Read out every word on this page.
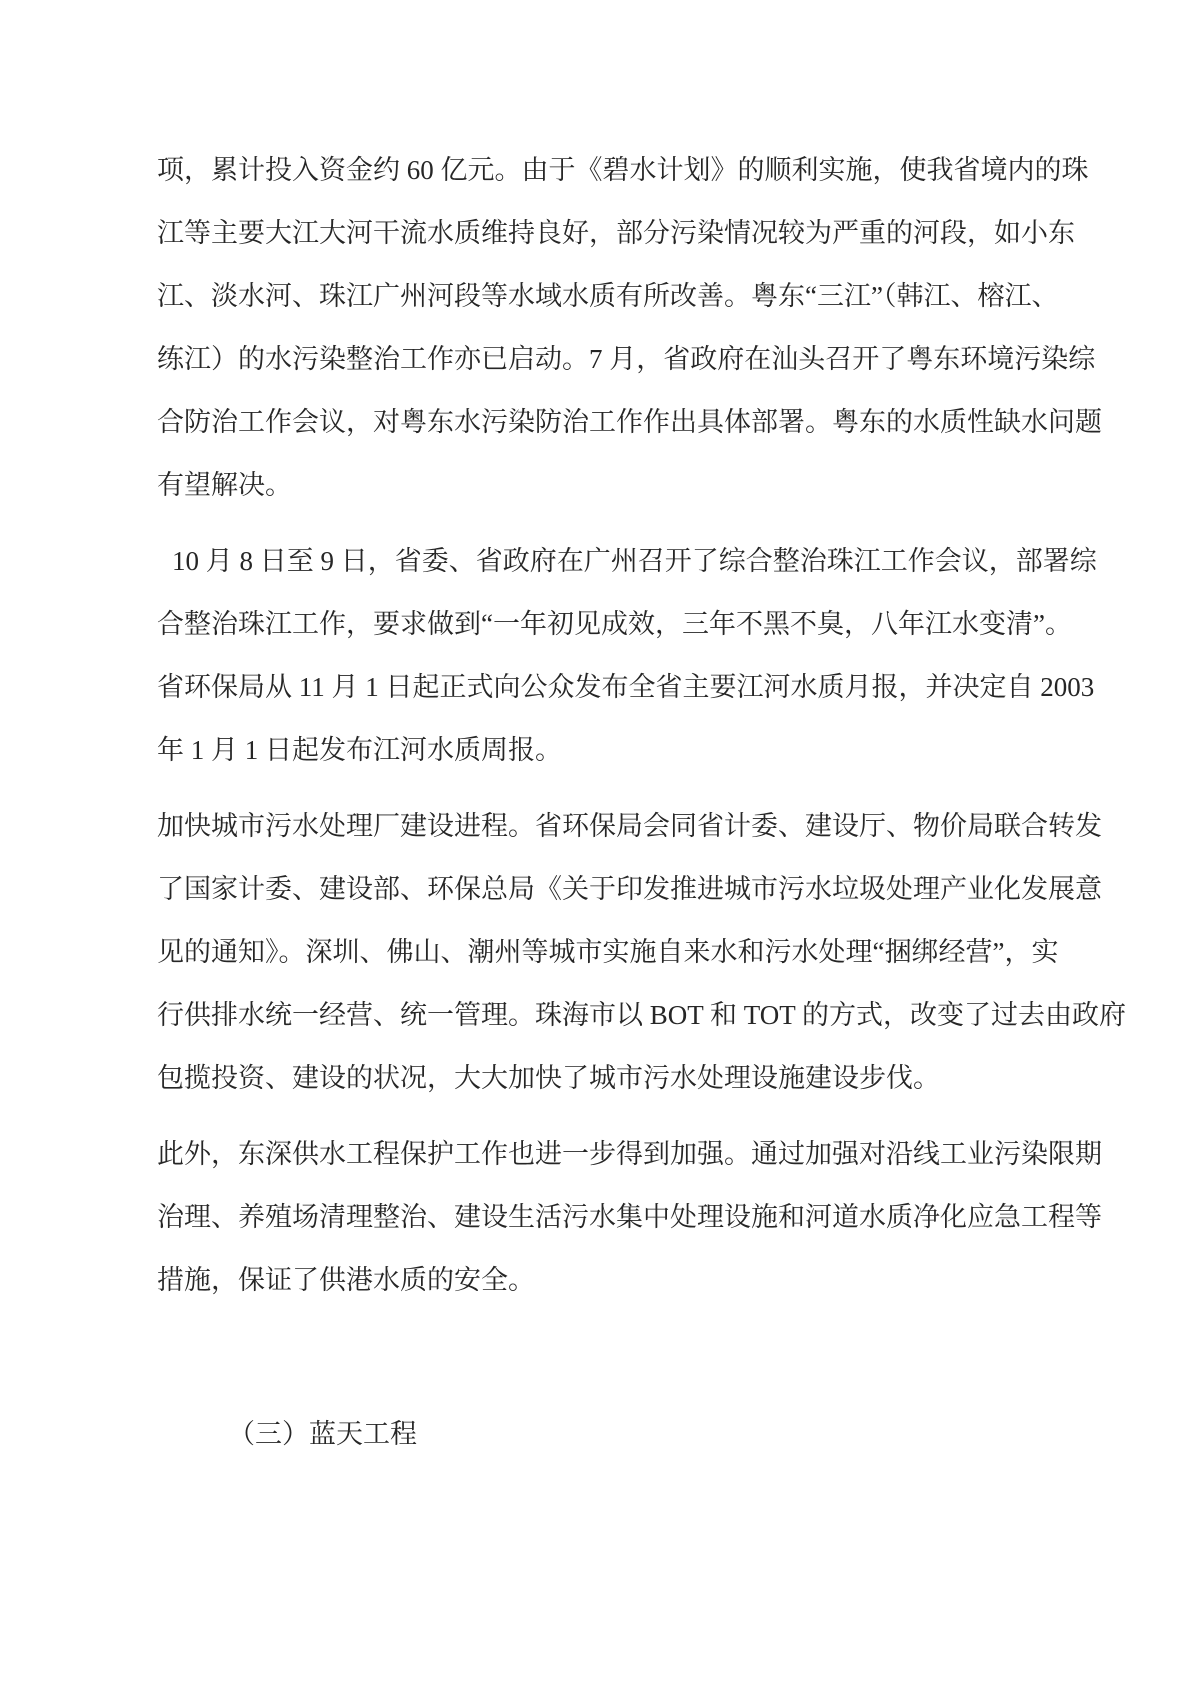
项，累计投入资金约 60 亿元。由于《碧水计划》的顺利实施，使我省境内的珠
江等主要大江大河干流水质维持良好，部分污染情况较为严重的河段，如小东
江、淡水河、珠江广州河段等水域水质有所改善。粤东“三江”（韩江、榕江、
练江）的水污染整治工作亦已启动。7 月，省政府在汕头召开了粤东环境污染综
合防治工作会议，对粤东水污染防治工作作出具体部署。粤东的水质性缺水问题
有望解决。
10 月 8 日至 9 日，省委、省政府在广州召开了综合整治珠江工作会议，部署综
合整治珠江工作，要求做到“一年初见成效，三年不黑不臭，八年江水变清”。
省环保局从 11 月 1 日起正式向公众发布全省主要江河水质月报，并决定自 2003
年 1 月 1 日起发布江河水质周报。
加快城市污水处理厂建设进程。省环保局会同省计委、建设厅、物价局联合转发
了国家计委、建设部、环保总局《关于印发推进城市污水垃圾处理产业化发展意
见的通知》。深圳、佛山、潮州等城市实施自来水和污水处理“捆绑经营”，实
行供排水统一经营、统一管理。珠海市以 BOT 和 TOT 的方式，改变了过去由政府
包揽投资、建设的状况，大大加快了城市污水处理设施建设步伐。
此外，东深供水工程保护工作也进一步得到加强。通过加强对沿线工业污染限期
治理、养殖场清理整治、建设生活污水集中处理设施和河道水质净化应急工程等
措施，保证了供港水质的安全。
（三）蓝天工程
